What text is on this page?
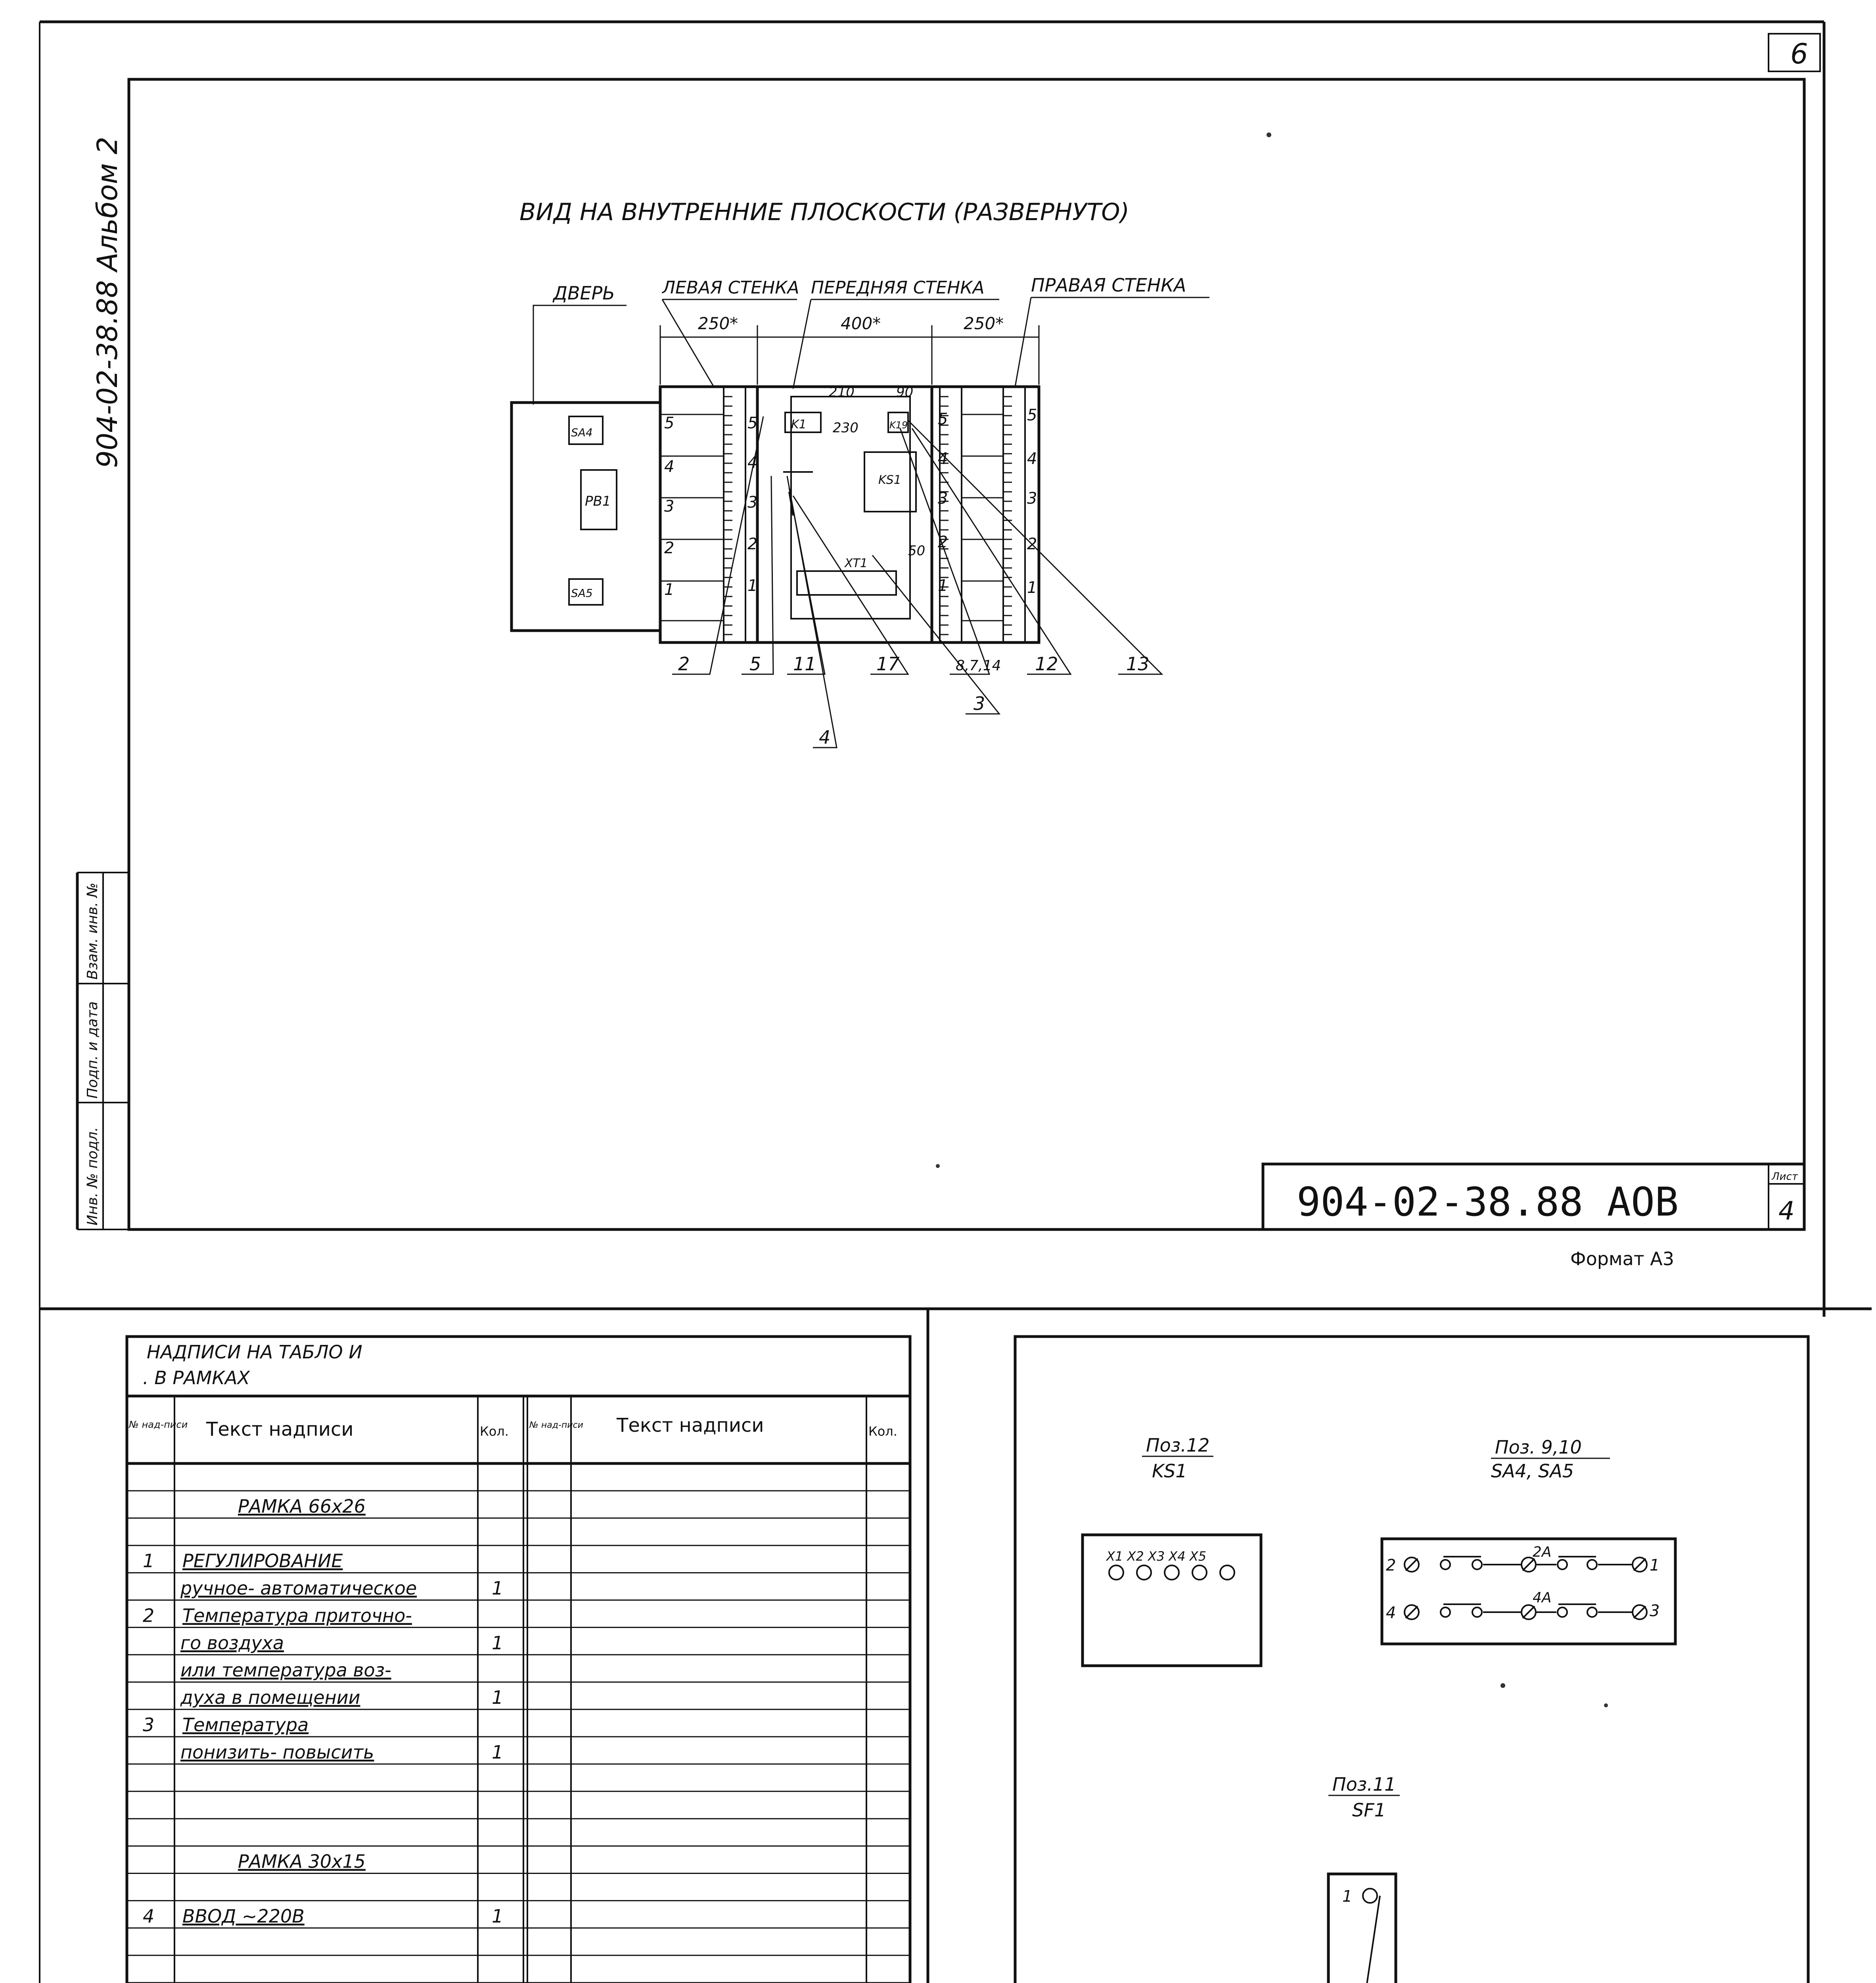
6
904-02-38.88 Альбом 2
Инв. № подл.
Подп. и дата
Взам. инв. №
ВИД НА ВНУТРЕННИЕ ПЛОСКОСТИ (РАЗВЕРНУТО)
ДВЕРЬ	ЛЕВАЯ СТЕНКА ПЕРЕДНЯЯ СТЕНКА	ПРАВАЯ СТЕНКА
250*	400*	250*
210	90
230
50
SA4
РВ1
SA5
K1	K19
KS1
XT1
5
4
3
2
1
5
4
3
2
1
5
4
3
2
1
5
4
3
2
1
2	5 11	17	8,7,14 12	13
4
3
904-02-38.88 АОВ
Лист
4
Формат А3
НАДПИСИ НА ТАБЛО И
. В РАМКАХ
№ над-писи Текст надписи	Кол. № над-писи Текст надписи	Кол.
РАМКА 66х26
1 РЕГУЛИРОВАНИЕ
ручное- автоматическое	1
2 Температура приточно-
го воздуха	1
или температура воз-
духа в помещении	1
3 Температура
понизить- повысить	1
РАМКА 30х15
4 ВВОД ~220В	1
Поз.12
KS1
X1 X2 X3 X4 X5
Поз. 9,10
SA4, SA5
2
2А
1
4
4А
3
Поз.11
SF1
1
